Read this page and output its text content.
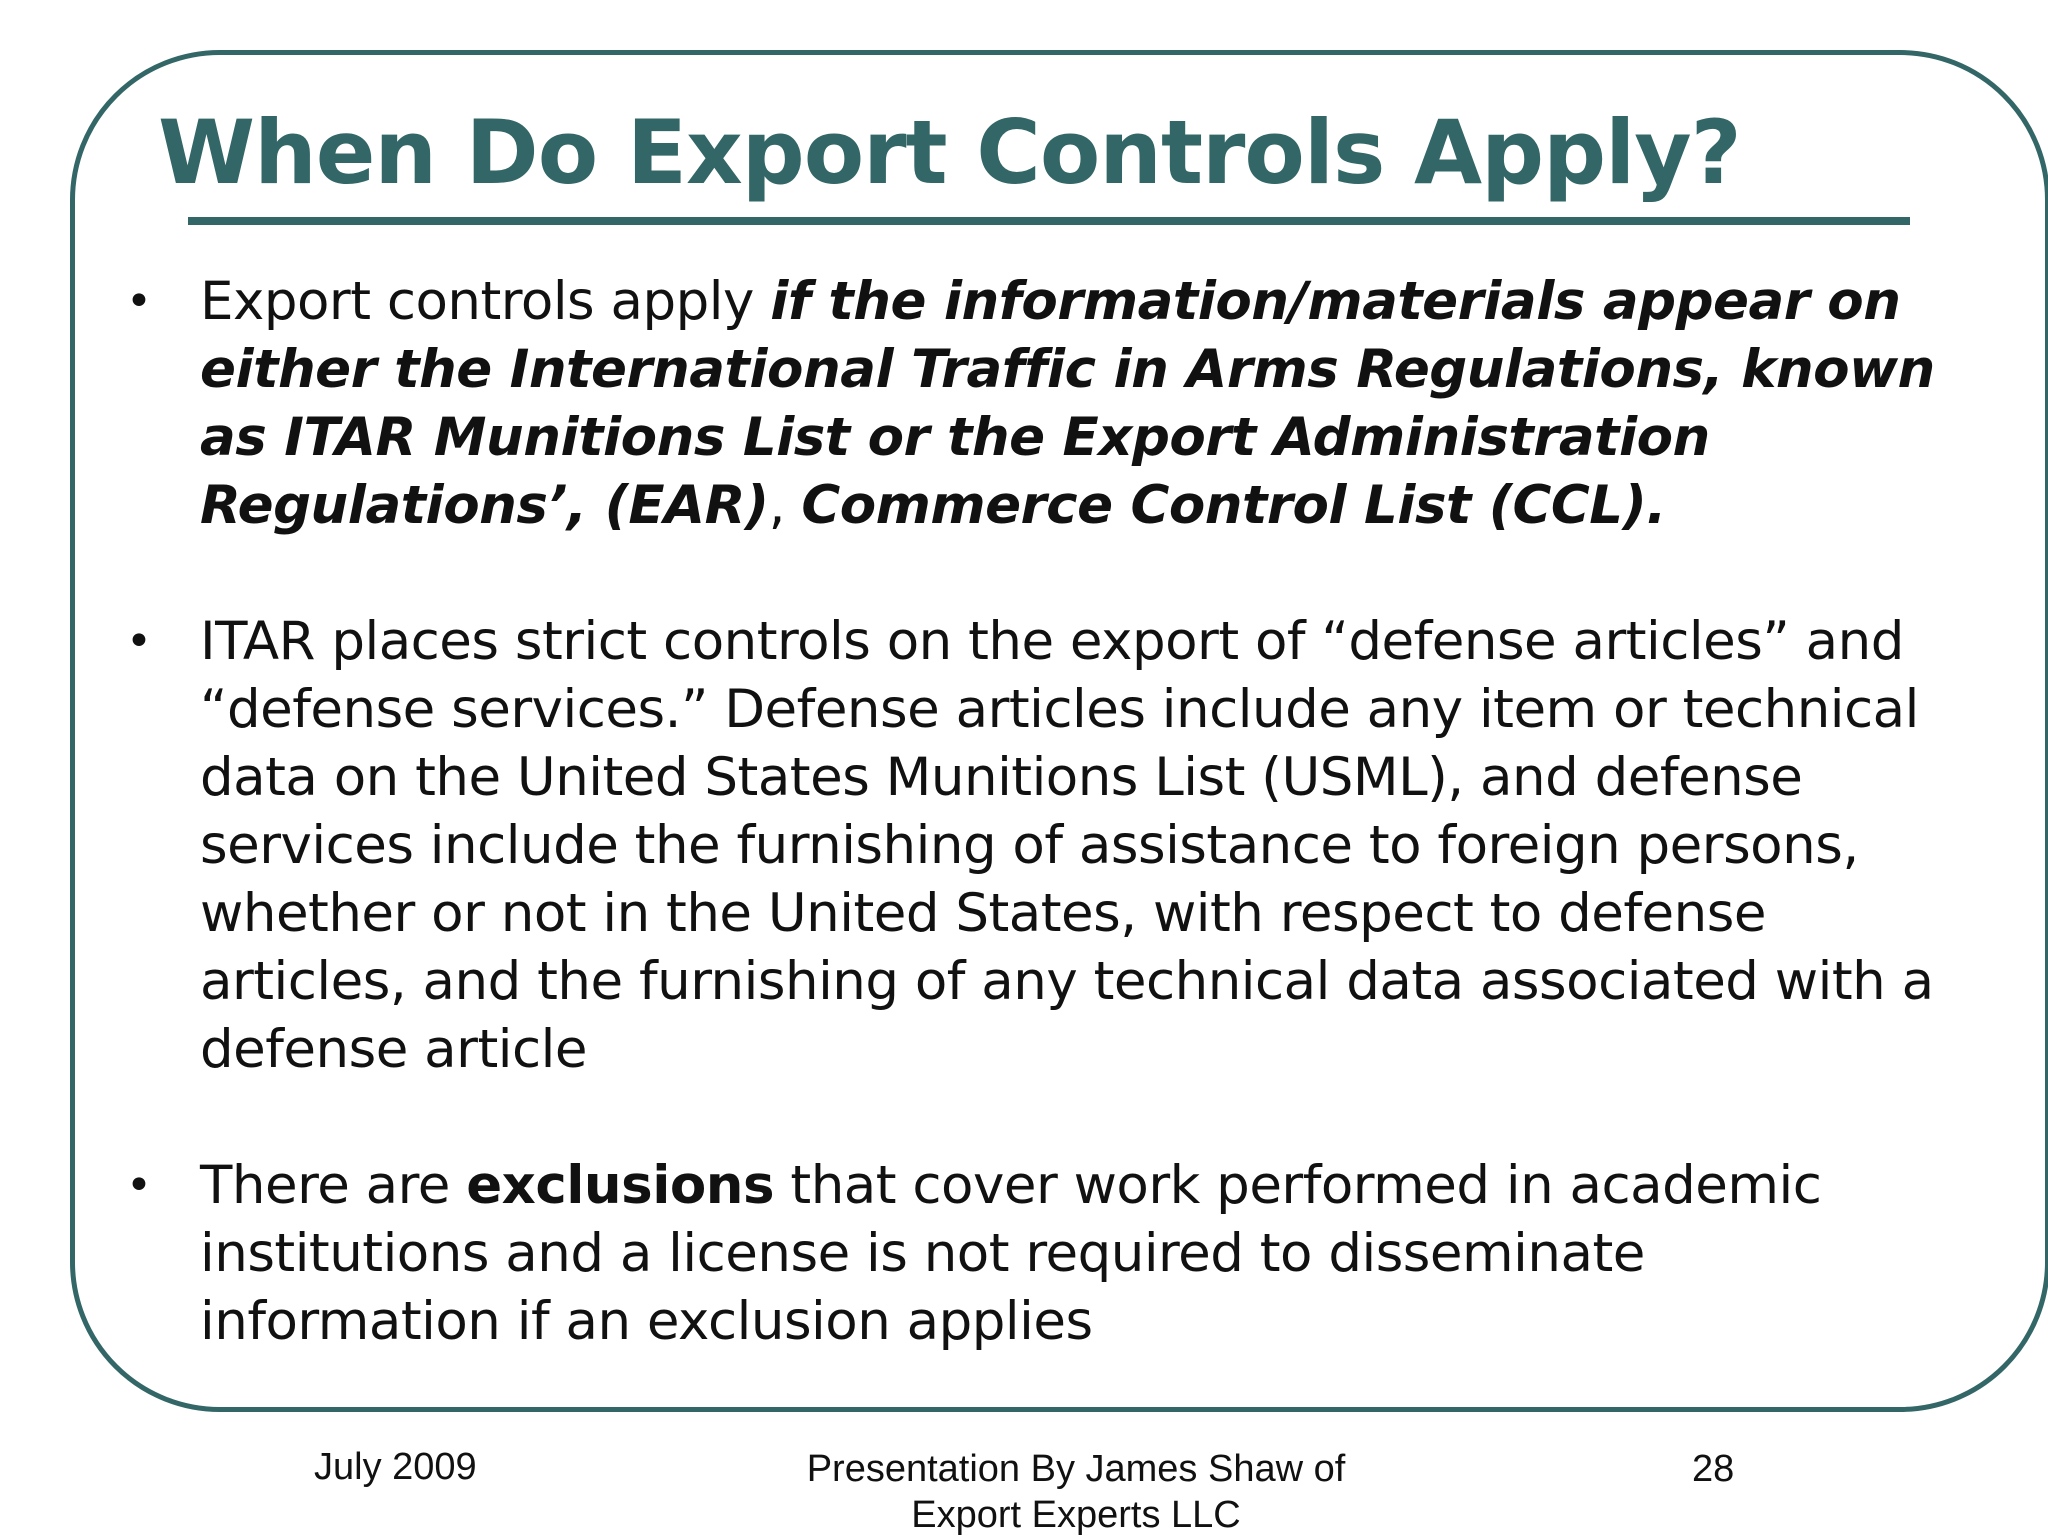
When Do Export Controls Apply?
• Export controls apply if the information/materials appear on either the International Traffic in Arms Regulations, known as ITAR Munitions List or the Export Administration Regulations’, (EAR), Commerce Control List (CCL).
• ITAR places strict controls on the export of “defense articles” and “defense services.” Defense articles include any item or technical data on the United States Munitions List (USML), and defense services include the furnishing of assistance to foreign persons, whether or not in the United States, with respect to defense articles, and the furnishing of any technical data associated with a defense article
• There are exclusions that cover work performed in academic institutions and a license is not required to disseminate information if an exclusion applies
July 2009	Presentation By James Shaw of Export Experts LLC
28
